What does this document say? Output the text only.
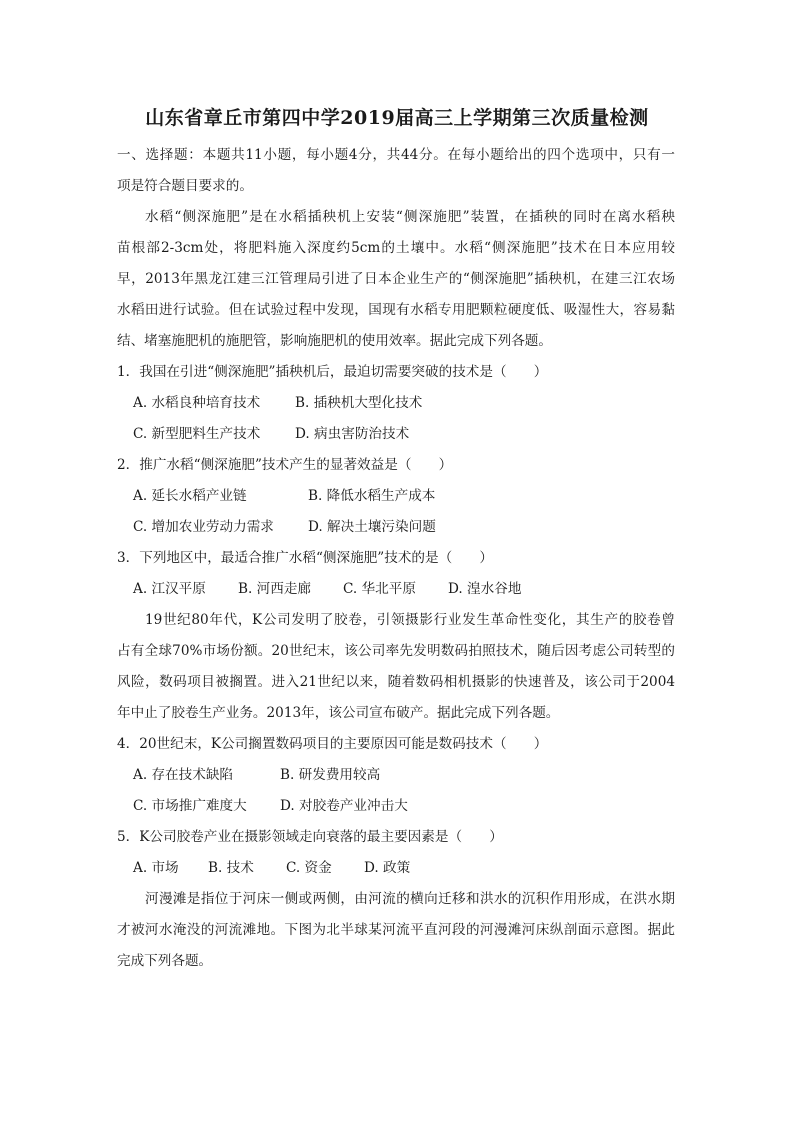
山东省章丘市第四中学2019届高三上学期第三次质量检测
一、选择题：本题共11小题，每小题4分，共44分。在每小题给出的四个选项中，只有一
项是符合题目要求的。
水稻“侧深施肥”是在水稻插秧机上安装“侧深施肥”装置，在插秧的同时在离水稻秧
苗根部2-3cm处，将肥料施入深度约5cm的土壤中。水稻“侧深施肥”技术在日本应用较
早，2013年黑龙江建三江管理局引进了日本企业生产的“侧深施肥”插秧机，在建三江农场
水稻田进行试验。但在试验过程中发现，国现有水稻专用肥颗粒硬度低、吸湿性大，容易黏
结、堵塞施肥机的施肥管，影响施肥机的使用效率。据此完成下列各题。
1．我国在引进“侧深施肥”插秧机后，最迫切需要突破的技术是（　　）
A. 水稻良种培育技术	B. 插秧机大型化技术
C. 新型肥料生产技术	D. 病虫害防治技术
2．推广水稻“侧深施肥”技术产生的显著效益是（　　）
A. 延长水稻产业链	B. 降低水稻生产成本
C. 增加农业劳动力需求	D. 解决土壤污染问题
3．下列地区中，最适合推广水稻“侧深施肥”技术的是（　　）
A. 江汉平原 B. 河西走廊 C. 华北平原 D. 湟水谷地
19世纪80年代，K公司发明了胶卷，引领摄影行业发生革命性变化，其生产的胶卷曾
占有全球70%市场份额。20世纪末，该公司率先发明数码拍照技术，随后因考虑公司转型的
风险，数码项目被搁置。进入21世纪以来，随着数码相机摄影的快速普及，该公司于2004
年中止了胶卷生产业务。2013年，该公司宣布破产。据此完成下列各题。
4．20世纪末，K公司搁置数码项目的主要原因可能是数码技术（　　）
A. 存在技术缺陷	B. 研发费用较高
C. 市场推广难度大 D. 对胶卷产业冲击大
5．K公司胶卷产业在摄影领域走向衰落的最主要因素是（　　）
A. 市场 B. 技术 C. 资金 D. 政策
河漫滩是指位于河床一侧或两侧，由河流的横向迁移和洪水的沉积作用形成，在洪水期
才被河水淹没的河流滩地。下图为北半球某河流平直河段的河漫滩河床纵剖面示意图。据此
完成下列各题。
